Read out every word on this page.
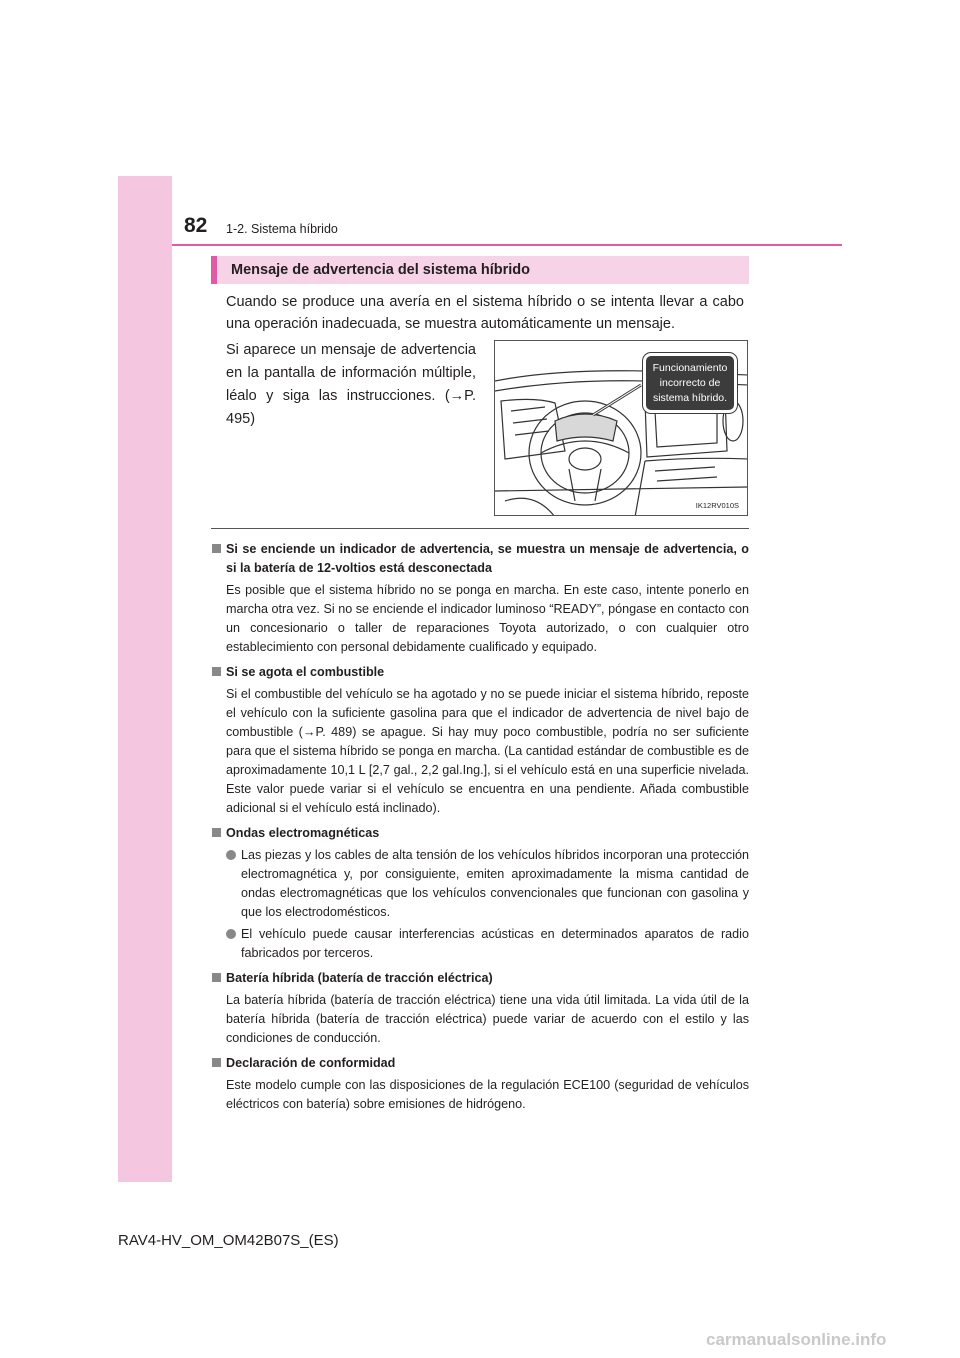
82 1-2. Sistema híbrido
Mensaje de advertencia del sistema híbrido
Cuando se produce una avería en el sistema híbrido o se intenta llevar a cabo una operación inadecuada, se muestra automáticamente un mensaje.
Si aparece un mensaje de advertencia en la pantalla de información múltiple, léalo y siga las instrucciones. (→P. 495)
Funcionamiento
incorrecto de
sistema híbrido.
IK12RV010S
Si se enciende un indicador de advertencia, se muestra un mensaje de advertencia, o si la batería de 12-voltios está desconectada
Es posible que el sistema híbrido no se ponga en marcha. En este caso, intente ponerlo en marcha otra vez. Si no se enciende el indicador luminoso “READY”, póngase en contacto con un concesionario o taller de reparaciones Toyota autorizado, o con cualquier otro establecimiento con personal debidamente cualificado y equipado.
Si se agota el combustible
Si el combustible del vehículo se ha agotado y no se puede iniciar el sistema híbrido, reposte el vehículo con la suficiente gasolina para que el indicador de advertencia de nivel bajo de combustible (→P. 489) se apague. Si hay muy poco combustible, podría no ser suficiente para que el sistema híbrido se ponga en marcha. (La cantidad estándar de combustible es de aproximadamente 10,1 L [2,7 gal., 2,2 gal.Ing.], si el vehículo está en una superficie nivelada. Este valor puede variar si el vehículo se encuentra en una pendiente. Añada combustible adicional si el vehículo está inclinado).
Ondas electromagnéticas
Las piezas y los cables de alta tensión de los vehículos híbridos incorporan una protección electromagnética y, por consiguiente, emiten aproximadamente la misma cantidad de ondas electromagnéticas que los vehículos convencionales que funcionan con gasolina y que los electrodomésticos.
El vehículo puede causar interferencias acústicas en determinados aparatos de radio fabricados por terceros.
Batería híbrida (batería de tracción eléctrica)
La batería híbrida (batería de tracción eléctrica) tiene una vida útil limitada. La vida útil de la batería híbrida (batería de tracción eléctrica) puede variar de acuerdo con el estilo y las condiciones de conducción.
Declaración de conformidad
Este modelo cumple con las disposiciones de la regulación ECE100 (seguridad de vehículos eléctricos con batería) sobre emisiones de hidrógeno.
RAV4-HV_OM_OM42B07S_(ES)
carmanualsonline.info
